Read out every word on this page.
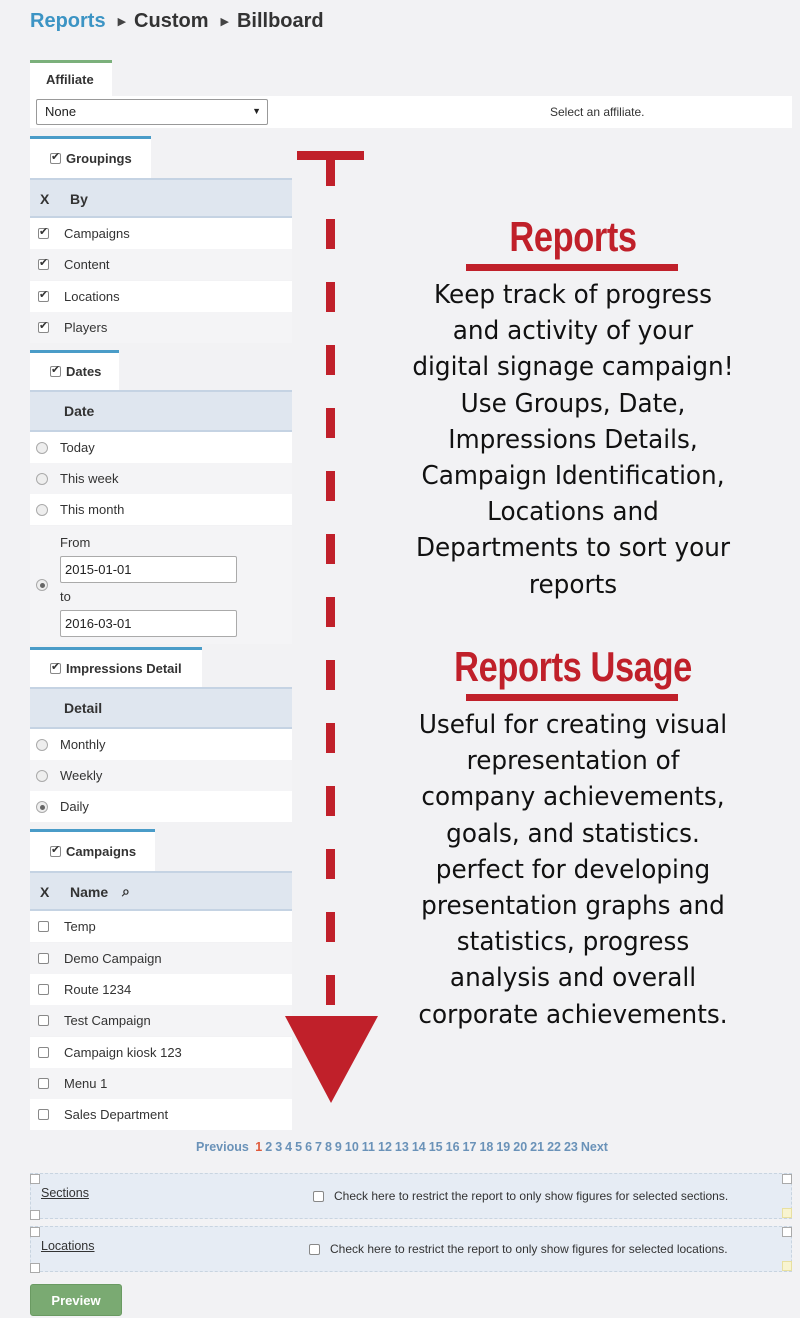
Reports ▶ Custom ▶ Billboard
Affiliate
None	▼	Select an affiliate.
✔
Groupings
X By
✔
Campaigns
✔
Content
✔
Locations
✔
Players
✔
Dates
Date
Today
This week
This month
From
2015-01-01
to
2016-03-01
✔
Impressions Detail
Detail
Monthly
Weekly
Daily
✔
Campaigns
X Name ⌕
Temp
Demo Campaign
Route 1234
Test Campaign
Campaign kiosk 123
Menu 1
Sales Department
Previous 1 2 3 4 5 6 7 8 9 10 11 12 13 14 15 16 17 18 19 20 21 22 23 Next
Sections	Check here to restrict the report to only show figures for selected sections.
Locations	Check here to restrict the report to only show figures for selected locations.
Preview
Reports
Keep track of progress
and activity of your
digital signage campaign!
Use Groups, Date,
Impressions Details,
Campaign Identification,
Locations and
Departments to sort your
reports
Reports Usage
Useful for creating visual
representation of
company achievements,
goals, and statistics.
perfect for developing
presentation graphs and
statistics, progress
analysis and overall
corporate achievements.
